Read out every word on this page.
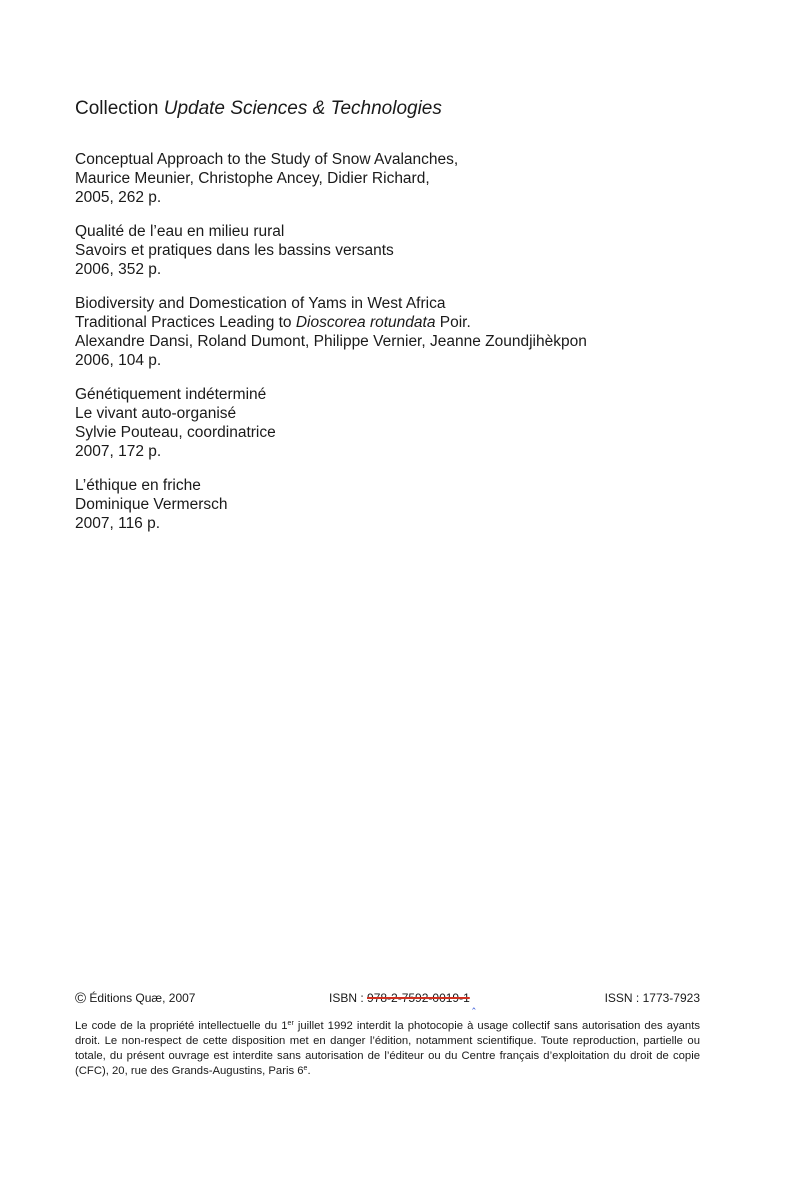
Collection Update Sciences & Technologies
Conceptual Approach to the Study of Snow Avalanches,
Maurice Meunier, Christophe Ancey, Didier Richard,
2005, 262 p.
Qualité de l’eau en milieu rural
Savoirs et pratiques dans les bassins versants
2006, 352 p.
Biodiversity and Domestication of Yams in West Africa
Traditional Practices Leading to Dioscorea rotundata Poir.
Alexandre Dansi, Roland Dumont, Philippe Vernier, Jeanne Zoundjihèkpon
2006, 104 p.
Génétiquement indéterminé
Le vivant auto-organisé
Sylvie Pouteau, coordinatrice
2007, 172 p.
L’éthique en friche
Dominique Vermersch
2007, 116 p.
© Éditions Quæ, 2007	ISBN : 978-2-7592-0019-1 ‸	ISSN : 1773-7923

Le code de la propriété intellectuelle du 1er juillet 1992 interdit la photocopie à usage collectif sans autorisation des ayants droit. Le non-respect de cette disposition met en danger l’édition, notamment scientifique. Toute reproduction, partielle ou totale, du présent ouvrage est interdite sans autorisation de l’éditeur ou du Centre français d’exploitation du droit de copie (CFC), 20, rue des Grands-Augustins, Paris 6e.
